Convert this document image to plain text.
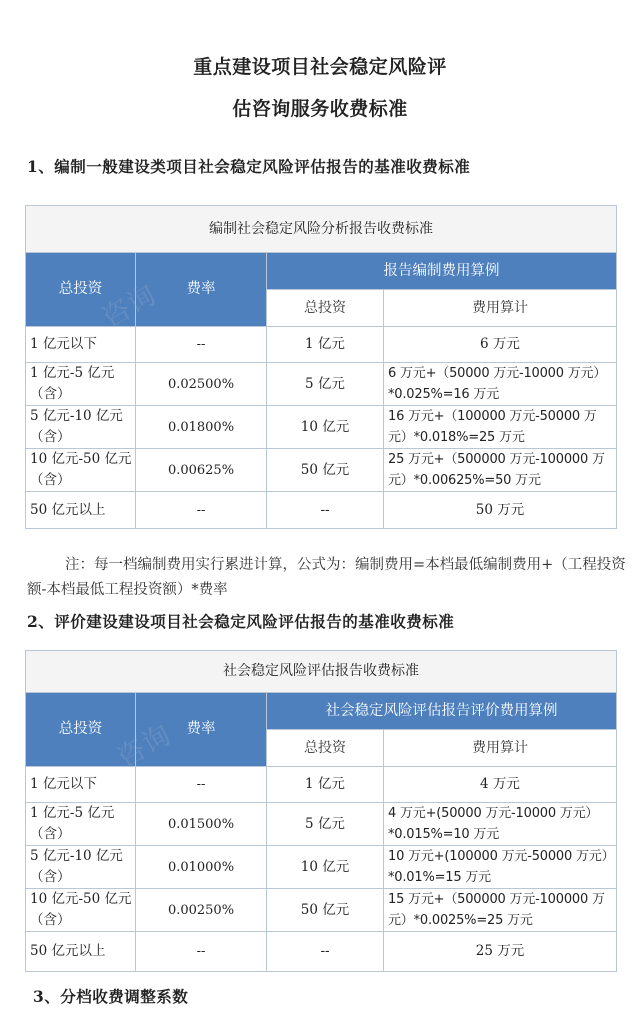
重点建设项目社会稳定风险评
估咨询服务收费标准
1、编制一般建设类项目社会稳定风险评估报告的基准收费标准
编制社会稳定风险分析报告收费标准			
总投资	费率	报告编制费用算例	
		总投资	费用算计
1 亿元以下	--	1 亿元	6 万元
1 亿元-5 亿元（含）	0.02500%	5 亿元	6 万元+（50000 万元-10000 万元）*0.025%=16 万元
5 亿元-10 亿元（含）	0.01800%	10 亿元	16 万元+（100000 万元-50000 万元）*0.018%=25 万元
10 亿元-50 亿元（含）	0.00625%	50 亿元	25 万元+（500000 万元-100000 万元）*0.00625%=50 万元
50 亿元以上	--	--	50 万元
注：每一档编制费用实行累进计算，公式为：编制费用=本档最低编制费用+（工程投资额-本档最低工程投资额）*费率
2、评价建设建设项目社会稳定风险评估报告的基准收费标准
社会稳定风险评估报告收费标准			
总投资	费率	社会稳定风险评估报告评价费用算例	
		总投资	费用算计
1 亿元以下	--	1 亿元	4 万元
1 亿元-5 亿元（含）	0.01500%	5 亿元	4 万元+(50000 万元-10000 万元）*0.015%=10 万元
5 亿元-10 亿元（含）	0.01000%	10 亿元	10 万元+(100000 万元-50000 万元）*0.01%=15 万元
10 亿元-50 亿元（含）	0.00250%	50 亿元	15 万元+（500000 万元-100000 万元）*0.0025%=25 万元
50 亿元以上	--	--	25 万元
3、分档收费调整系数
咨询
咨询
